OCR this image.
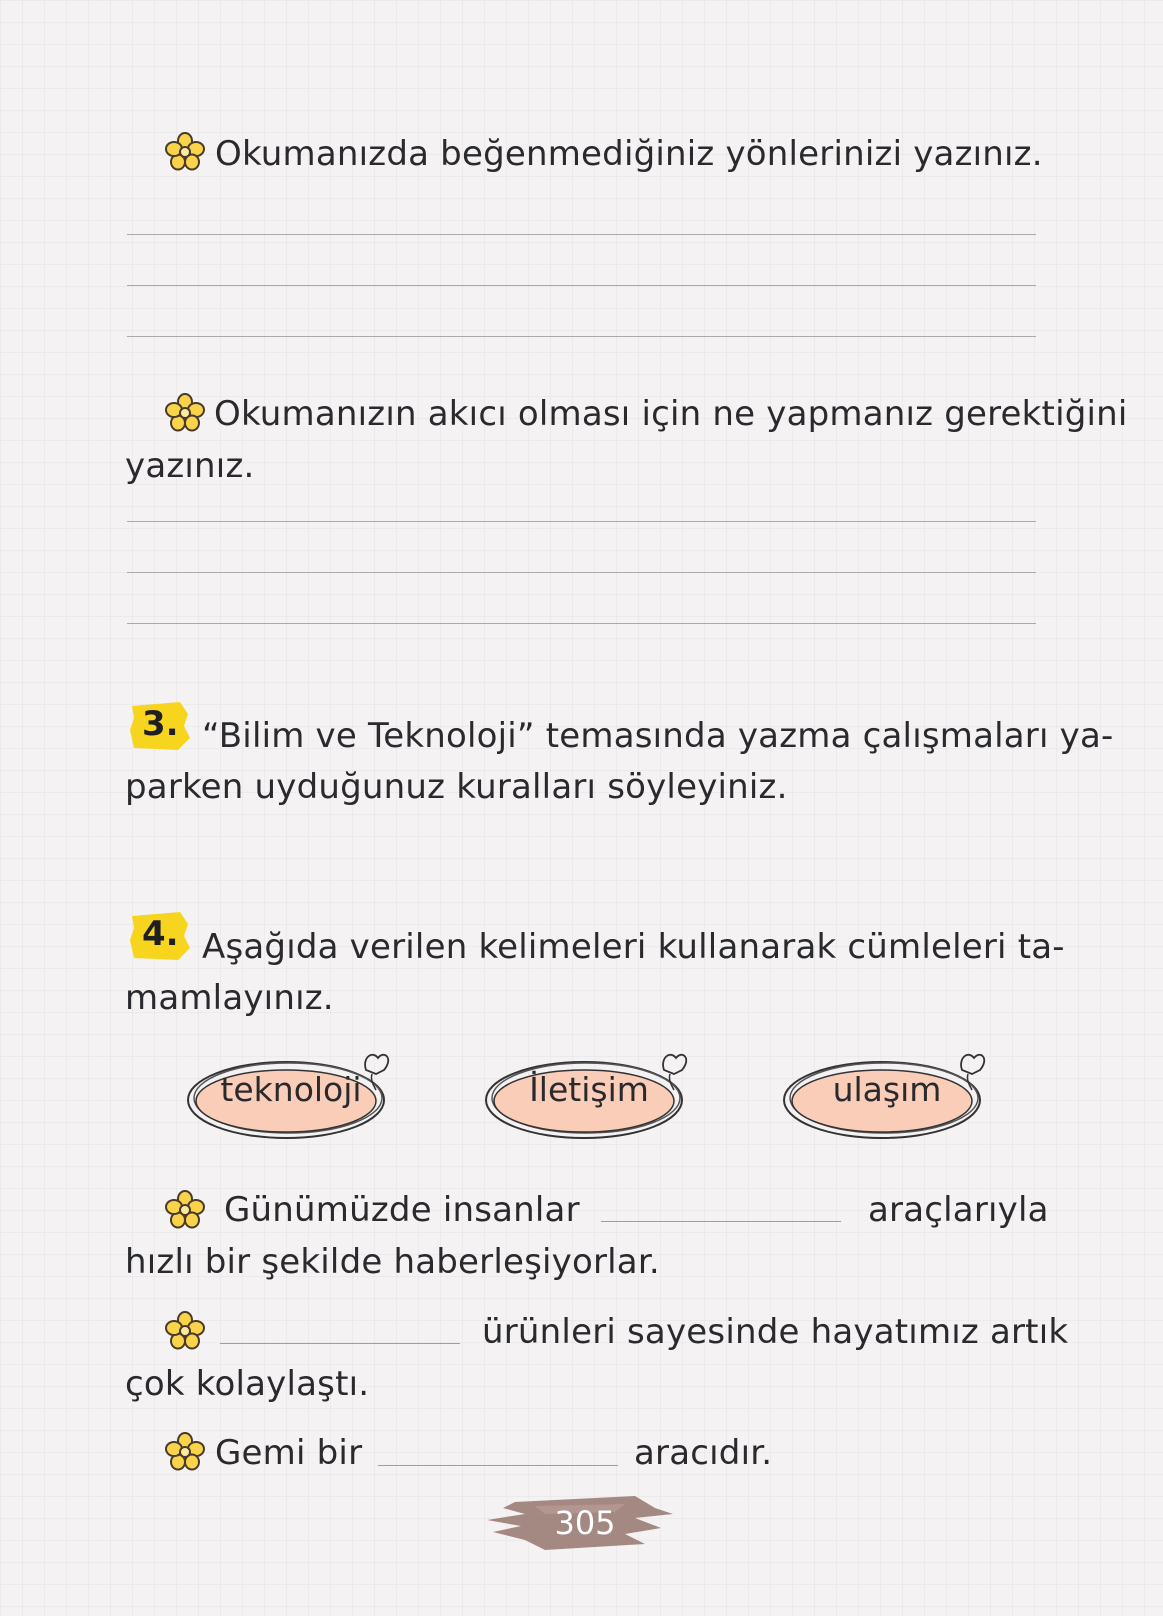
Okumanızda beğenmediğiniz yönlerinizi yazınız.
Okumanızın akıcı olması için ne yapmanız gerektiğini
yazınız.
3. “Bilim ve Teknoloji” temasında yazma çalışmaları ya-
parken uyduğunuz kuralları söyleyiniz.
4. Aşağıda verilen kelimeleri kullanarak cümleleri ta-
mamlayınız.
teknoloji	İletişim	ulaşım
Günümüzde insanlar	araçlarıyla
hızlı bir şekilde haberleşiyorlar.
ürünleri sayesinde hayatımız artık
çok kolaylaştı.
Gemi bir	aracıdır.
305
